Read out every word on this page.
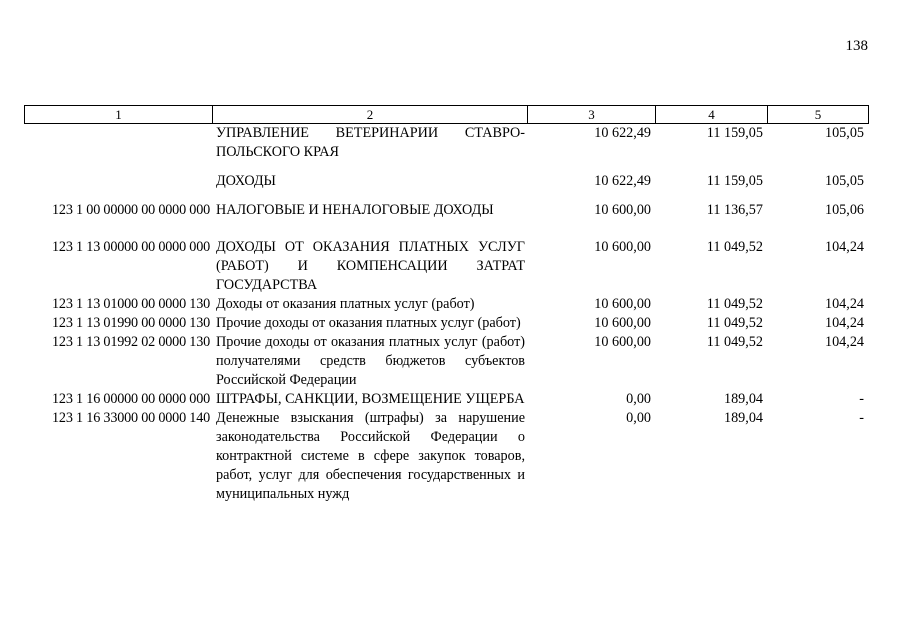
138
1	2	3	4	5
	УПРАВЛЕНИЕ ВЕТЕРИНАРИИ СТАВРО-ПОЛЬСКОГО КРАЯ	10 622,49	11 159,05	105,05

	ДОХОДЫ	10 622,49	11 159,05	105,05

123 1 00 00000 00 0000 000	НАЛОГОВЫЕ И НЕНАЛОГОВЫЕ ДОХОДЫ	10 600,00	11 136,57	105,06

123 1 13 00000 00 0000 000	ДОХОДЫ ОТ ОКАЗАНИЯ ПЛАТНЫХ УСЛУГ (РАБОТ) И КОМПЕНСАЦИИ ЗАТРАТ ГОСУДАРСТВА	10 600,00	11 049,52	104,24
123 1 13 01000 00 0000 130	Доходы от оказания платных услуг (работ)	10 600,00	11 049,52	104,24
123 1 13 01990 00 0000 130	Прочие доходы от оказания платных услуг (работ)	10 600,00	11 049,52	104,24
123 1 13 01992 02 0000 130	Прочие доходы от оказания платных услуг (работ) получателями средств бюджетов субъектов Российской Федерации	10 600,00	11 049,52	104,24
123 1 16 00000 00 0000 000	ШТРАФЫ, САНКЦИИ, ВОЗМЕЩЕНИЕ УЩЕРБА	0,00	189,04	-
123 1 16 33000 00 0000 140	Денежные взыскания (штрафы) за нарушение законодательства Российской Федерации о контрактной системе в сфере закупок товаров, работ, услуг для обеспечения государственных и муниципальных нужд	0,00	189,04	-
